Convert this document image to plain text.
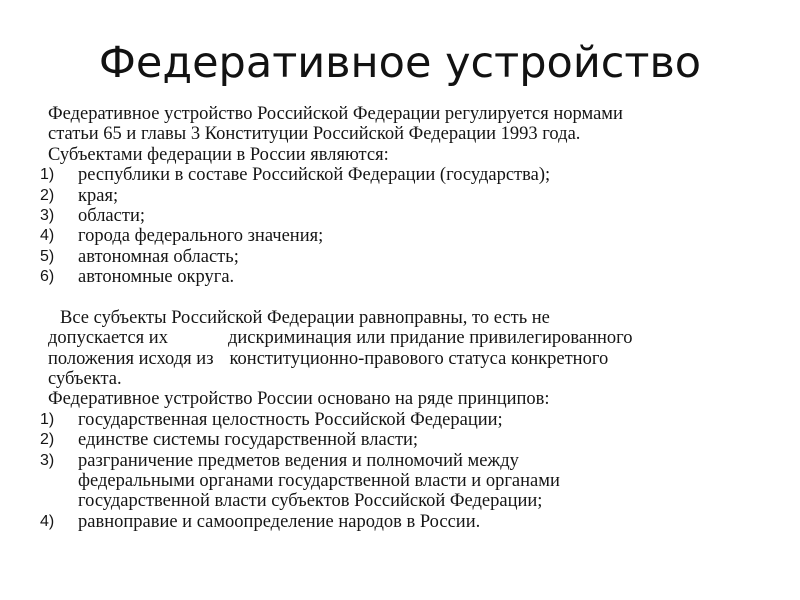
Федеративное устройство
Федеративное устройство Российской Федерации регулируется нормами
статьи 65 и главы 3 Конституции Российской Федерации 1993 года.
Субъектами федерации в России являются:
1) республики в составе Российской Федерации (государства);
2) края;
3) области;
4) города федерального значения;
5) автономная область;
6) автономные округа.
Все субъекты Российской Федерации равноправны, то есть не
допускается их	дискриминация или придание привилегированного
положения исходя из конституционно-правового статуса конкретного
субъекта.
Федеративное устройство России основано на ряде принципов:
1) государственная целостность Российской Федерации;
2) единстве системы государственной власти;
3) разграничение предметов ведения и полномочий между
федеральными органами государственной власти и органами
государственной власти субъектов Российской Федерации;
4) равноправие и самоопределение народов в России.
